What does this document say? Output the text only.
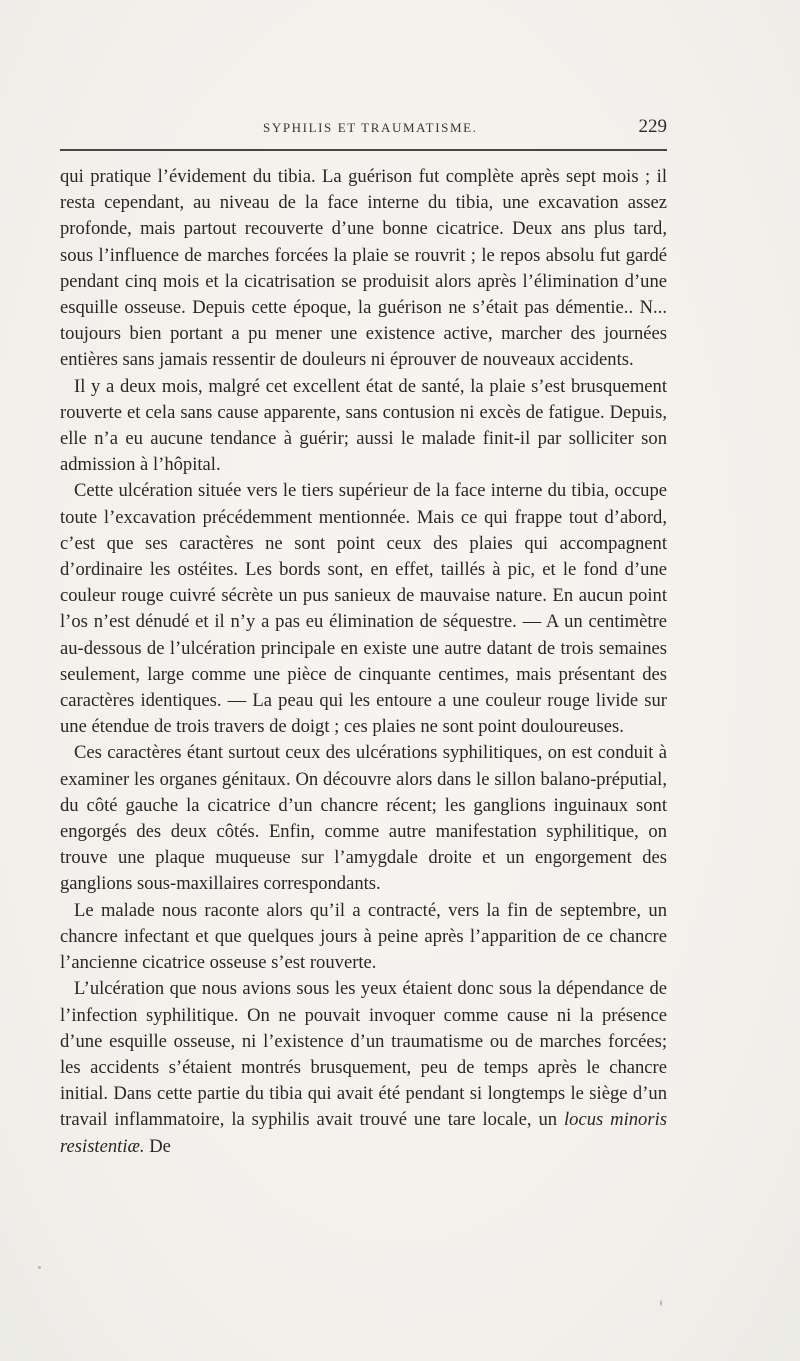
SYPHILIS ET TRAUMATISME.	229

qui pratique l’évidement du tibia. La guérison fut complète après sept mois ; il resta cependant, au niveau de la face interne du tibia, une excavation assez profonde, mais partout recouverte d’une bonne cicatrice. Deux ans plus tard, sous l’influence de marches forcées la plaie se rouvrit ; le repos absolu fut gardé pendant cinq mois et la cicatrisation se produisit alors après l’élimination d’une esquille osseuse. Depuis cette époque, la guérison ne s’était pas démentie.. N... toujours bien portant a pu mener une existence active, marcher des journées entières sans jamais ressentir de douleurs ni éprouver de nouveaux accidents.

Il y a deux mois, malgré cet excellent état de santé, la plaie s’est brusquement rouverte et cela sans cause apparente, sans contusion ni excès de fatigue. Depuis, elle n’a eu aucune tendance à guérir; aussi le malade finit-il par solliciter son admission à l’hôpital.

Cette ulcération située vers le tiers supérieur de la face interne du tibia, occupe toute l’excavation précédemment mentionnée. Mais ce qui frappe tout d’abord, c’est que ses caractères ne sont point ceux des plaies qui accompagnent d’ordinaire les ostéites. Les bords sont, en effet, taillés à pic, et le fond d’une couleur rouge cuivré sécrète un pus sanieux de mauvaise nature. En aucun point l’os n’est dénudé et il n’y a pas eu élimination de séquestre. — A un centimètre au-dessous de l’ulcération principale en existe une autre datant de trois semaines seulement, large comme une pièce de cinquante centimes, mais présentant des caractères identiques. — La peau qui les entoure a une couleur rouge livide sur une étendue de trois travers de doigt ; ces plaies ne sont point douloureuses.

Ces caractères étant surtout ceux des ulcérations syphilitiques, on est conduit à examiner les organes génitaux. On découvre alors dans le sillon balano-préputial, du côté gauche la cicatrice d’un chancre récent; les ganglions inguinaux sont engorgés des deux côtés. Enfin, comme autre manifestation syphilitique, on trouve une plaque muqueuse sur l’amygdale droite et un engorgement des ganglions sous-maxillaires correspondants.

Le malade nous raconte alors qu’il a contracté, vers la fin de septembre, un chancre infectant et que quelques jours à peine après l’apparition de ce chancre l’ancienne cicatrice osseuse s’est rouverte.

L’ulcération que nous avions sous les yeux étaient donc sous la dépendance de l’infection syphilitique. On ne pouvait invoquer comme cause ni la présence d’une esquille osseuse, ni l’existence d’un traumatisme ou de marches forcées; les accidents s’étaient montrés brusquement, peu de temps après le chancre initial. Dans cette partie du tibia qui avait été pendant si longtemps le siège d’un travail inflammatoire, la syphilis avait trouvé une tare locale, un locus minoris resistentiæ. De
